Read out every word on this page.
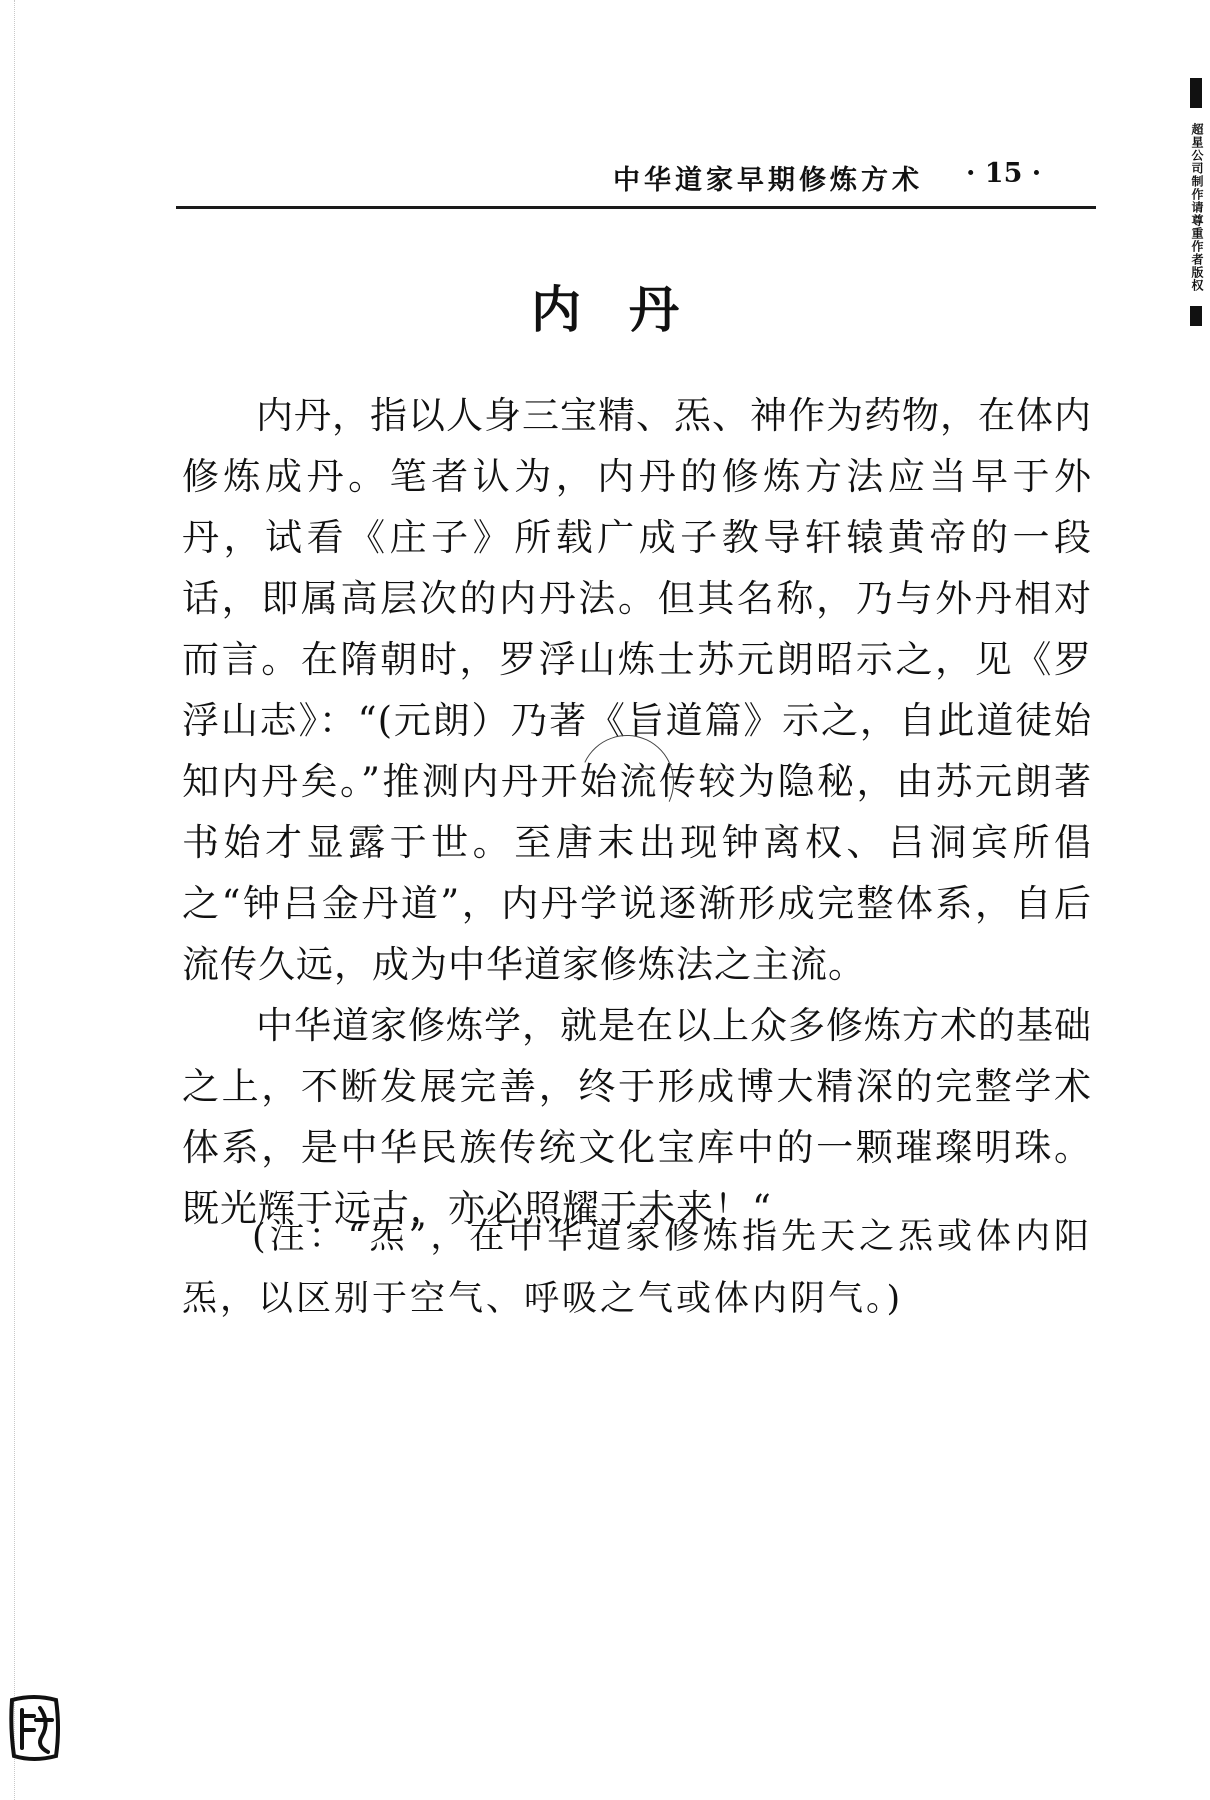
中华道家早期修炼方术 · 15 ·	超星公司制作请尊重作者版权
内丹

内丹，指以人身三宝精、炁、神作为药物，在体内修炼成丹。笔者认为，内丹的修炼方法应当早于外丹，试看《庄子》所载广成子教导轩辕黄帝的一段话，即属高层次的内丹法。但其名称，乃与外丹相对而言。在隋朝时，罗浮山炼士苏元朗昭示之，见《罗浮山志》：“(元朗）乃著《旨道篇》示之，自此道徒始知内丹矣。”推测内丹开始流传较为隐秘，由苏元朗著书始才显露于世。至唐末出现钟离权、吕洞宾所倡之“钟吕金丹道”，内丹学说逐渐形成完整体系，自后流传久远，成为中华道家修炼法之主流。

中华道家修炼学，就是在以上众多修炼方术的基础之上，不断发展完善，终于形成博大精深的完整学术体系，是中华民族传统文化宝库中的一颗璀璨明珠。既光辉于远古，亦必照耀于未来！“

(注：“炁”，在中华道家修炼指先天之炁或体内阳炁，以区别于空气、呼吸之气或体内阴气。)
